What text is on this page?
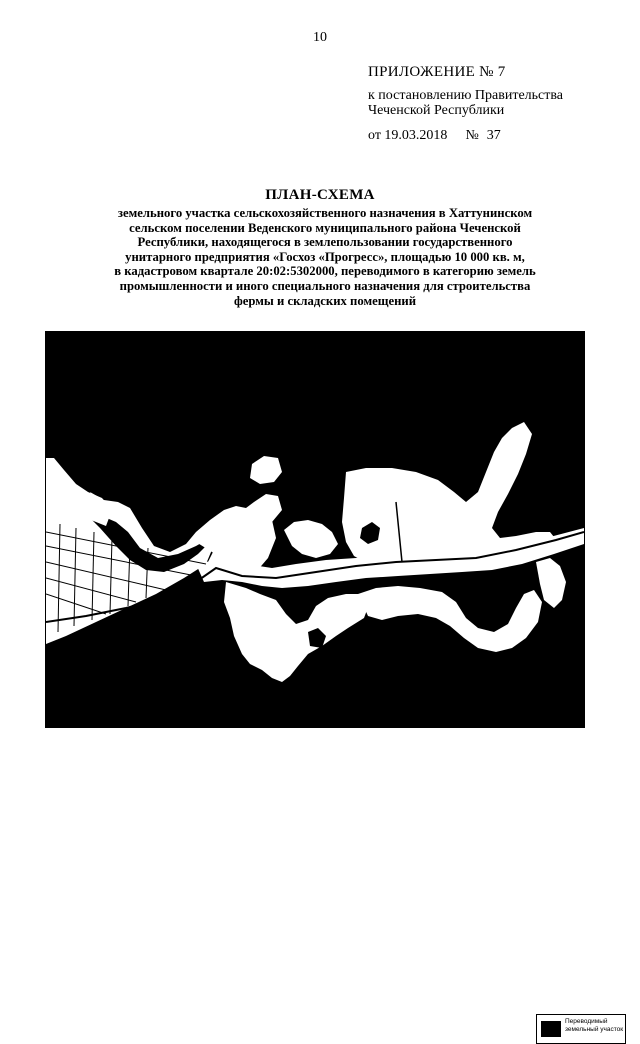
10
ПРИЛОЖЕНИЕ № 7
к постановлению Правительства
Чеченской Республики
от 19.03.2018 № 37
ПЛАН-СХЕМА
земельного участка сельскохозяйственного назначения в Хаттунинском
сельском поселении Веденского муниципального района Чеченской
Республики, находящегося в землепользовании государственного
унитарного предприятия «Госхоз «Прогресс», площадью 10 000 кв. м,
в кадастровом квартале 20:02:5302000, переводимого в категорию земель
промышленности и иного специального назначения для строительства
фермы и складских помещений
Переводимый земельный участок
